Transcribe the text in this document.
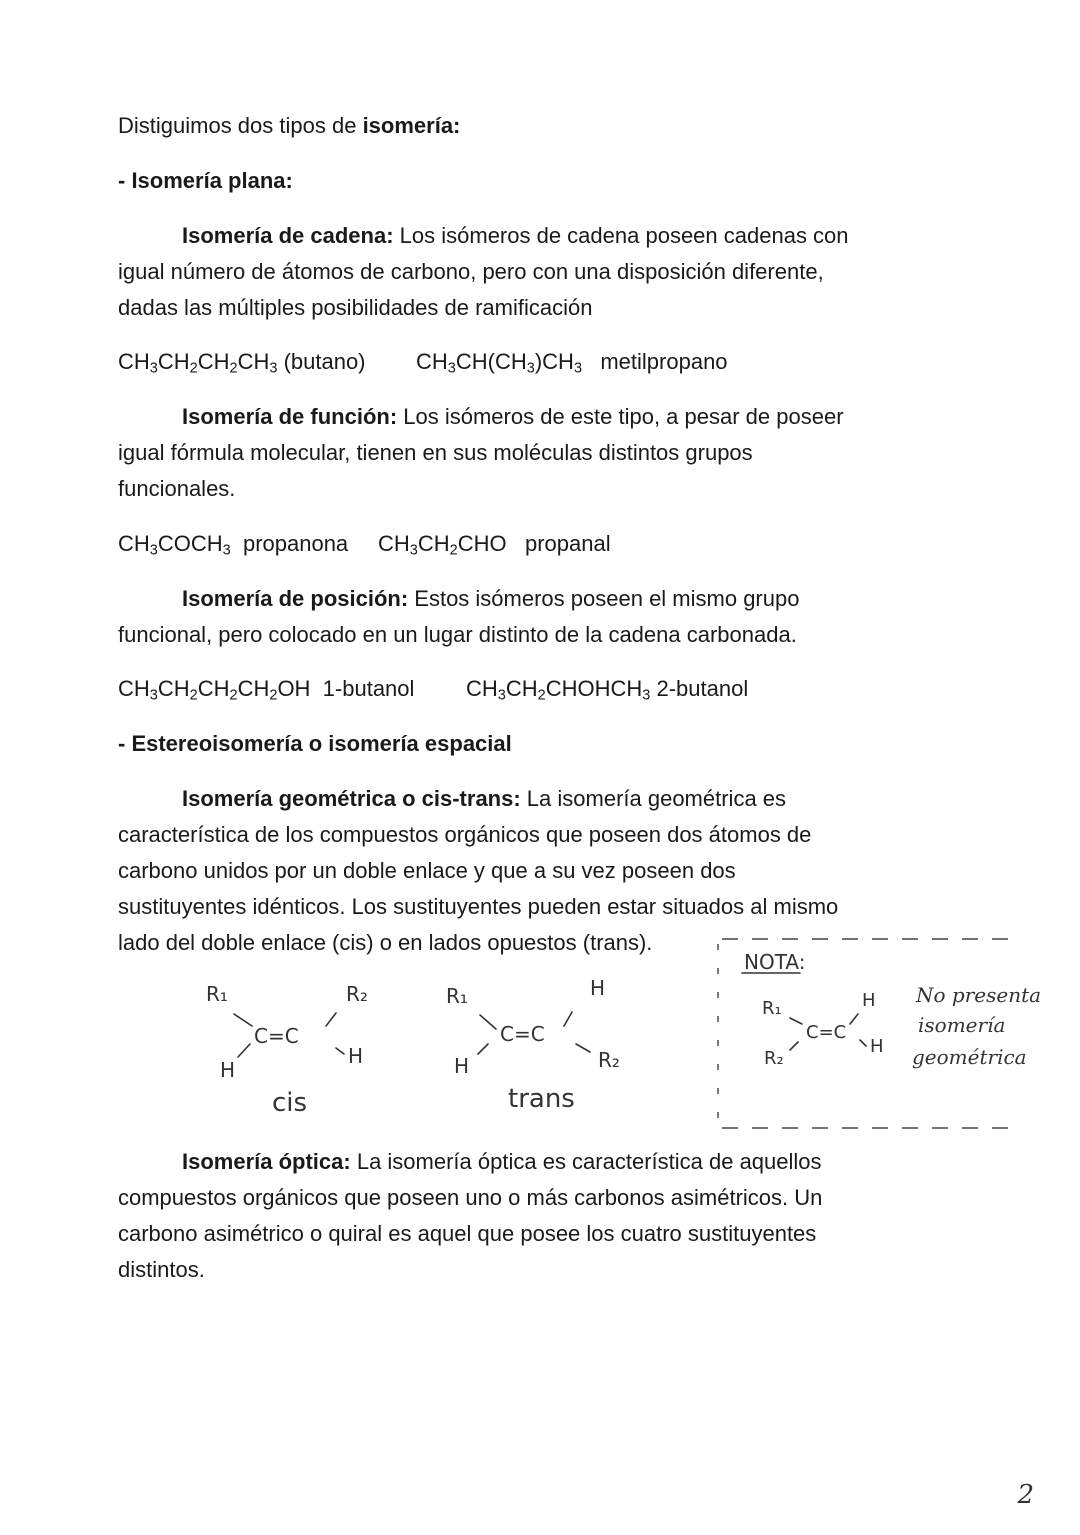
Distiguimos dos tipos de isomería:
- Isomería plana:
Isomería de cadena: Los isómeros de cadena poseen cadenas con
igual número de átomos de carbono, pero con una disposición diferente,
dadas las múltiples posibilidades de ramificación
$CH_3CH_2CH_2CH_3$ (butano) $CH_3CH(CH_3)CH_3$ metilpropano
Isomería de función: Los isómeros de este tipo, a pesar de poseer
igual fórmula molecular, tienen en sus moléculas distintos grupos
funcionales.
$CH_3COCH_3$ propanona $CH_3CH_2CHO$   propanal
Isomería de posición: Estos isómeros poseen el mismo grupo
funcional, pero colocado en un lugar distinto de la cadena carbonada.
$CH_3CH_2CH_2CH_2OH$  1-butanol $CH_3CH_2CHOHCH_3$ 2-butanol
- Estereoisomería o isomería espacial
Isomería geométrica o cis-trans: La isomería geométrica es
característica de los compuestos orgánicos que poseen dos átomos de
carbono unidos por un doble enlace y que a su vez poseen dos
sustituyentes idénticos. Los sustituyentes pueden estar situados al mismo
lado del doble enlace (cis) o en lados opuestos (trans).
R₁	R₂
C=C
H
H
cis
R₁	H
C=C
H	R₂
trans
NOTA:
R₁	H
C=C
R₂
H
No presenta
isomería
geométrica
Isomería óptica: La isomería óptica es característica de aquellos
compuestos orgánicos que poseen uno o más carbonos asimétricos. Un
carbono asimétrico o quiral es aquel que posee los cuatro sustituyentes
distintos.
2
